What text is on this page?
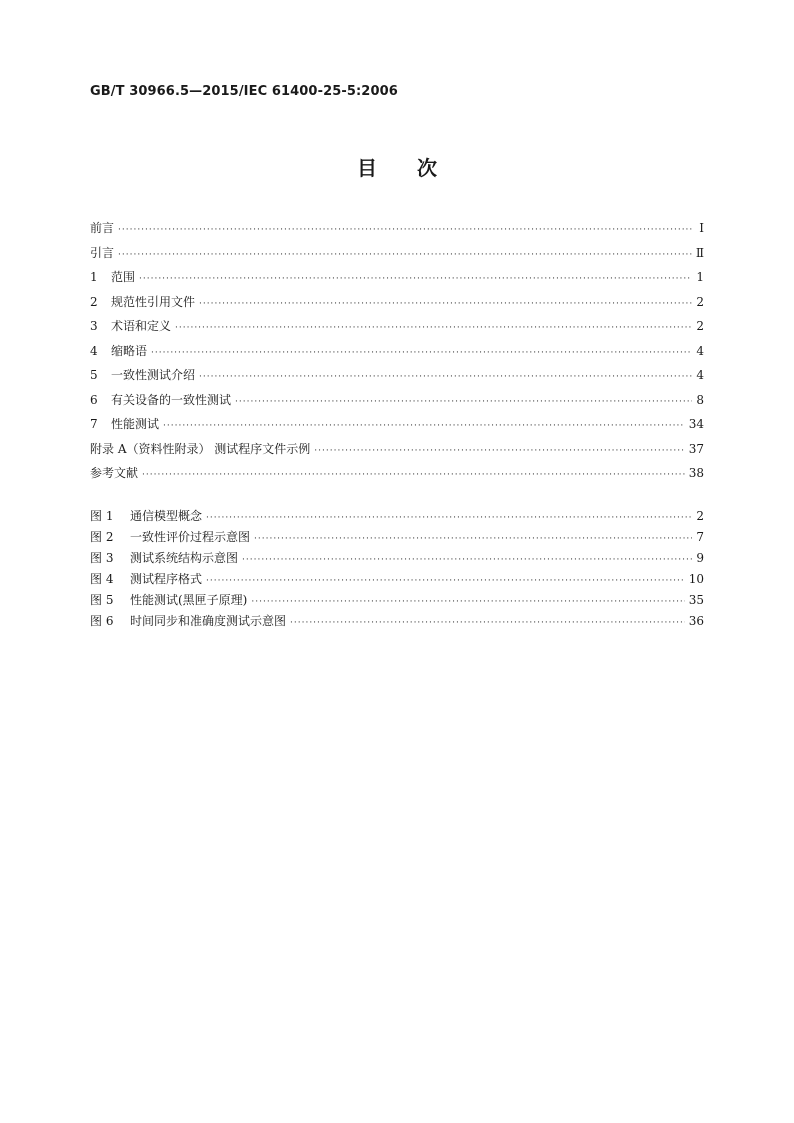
GB/T 30966.5—2015/IEC 61400-25-5:2006
目次
前言 ·····	Ⅰ
引言 ·····	Ⅱ
1 范围 ·····	1
2 规范性引用文件 ·····	2
3 术语和定义 ·····	2
4 缩略语 ·····	4
5 一致性测试介绍 ·····	4
6 有关设备的一致性测试 ·····	8
7 性能测试 ·····	34
附录 A（资料性附录） 测试程序文件示例 ·····	37
参考文献 ·····	38
图 1 通信模型概念 ·····	2
图 2 一致性评价过程示意图 ·····	7
图 3 测试系统结构示意图 ·····	9
图 4 测试程序格式 ·····	10
图 5 性能测试(黑匣子原理) ·····	35
图 6 时间同步和准确度测试示意图 ·····	36
